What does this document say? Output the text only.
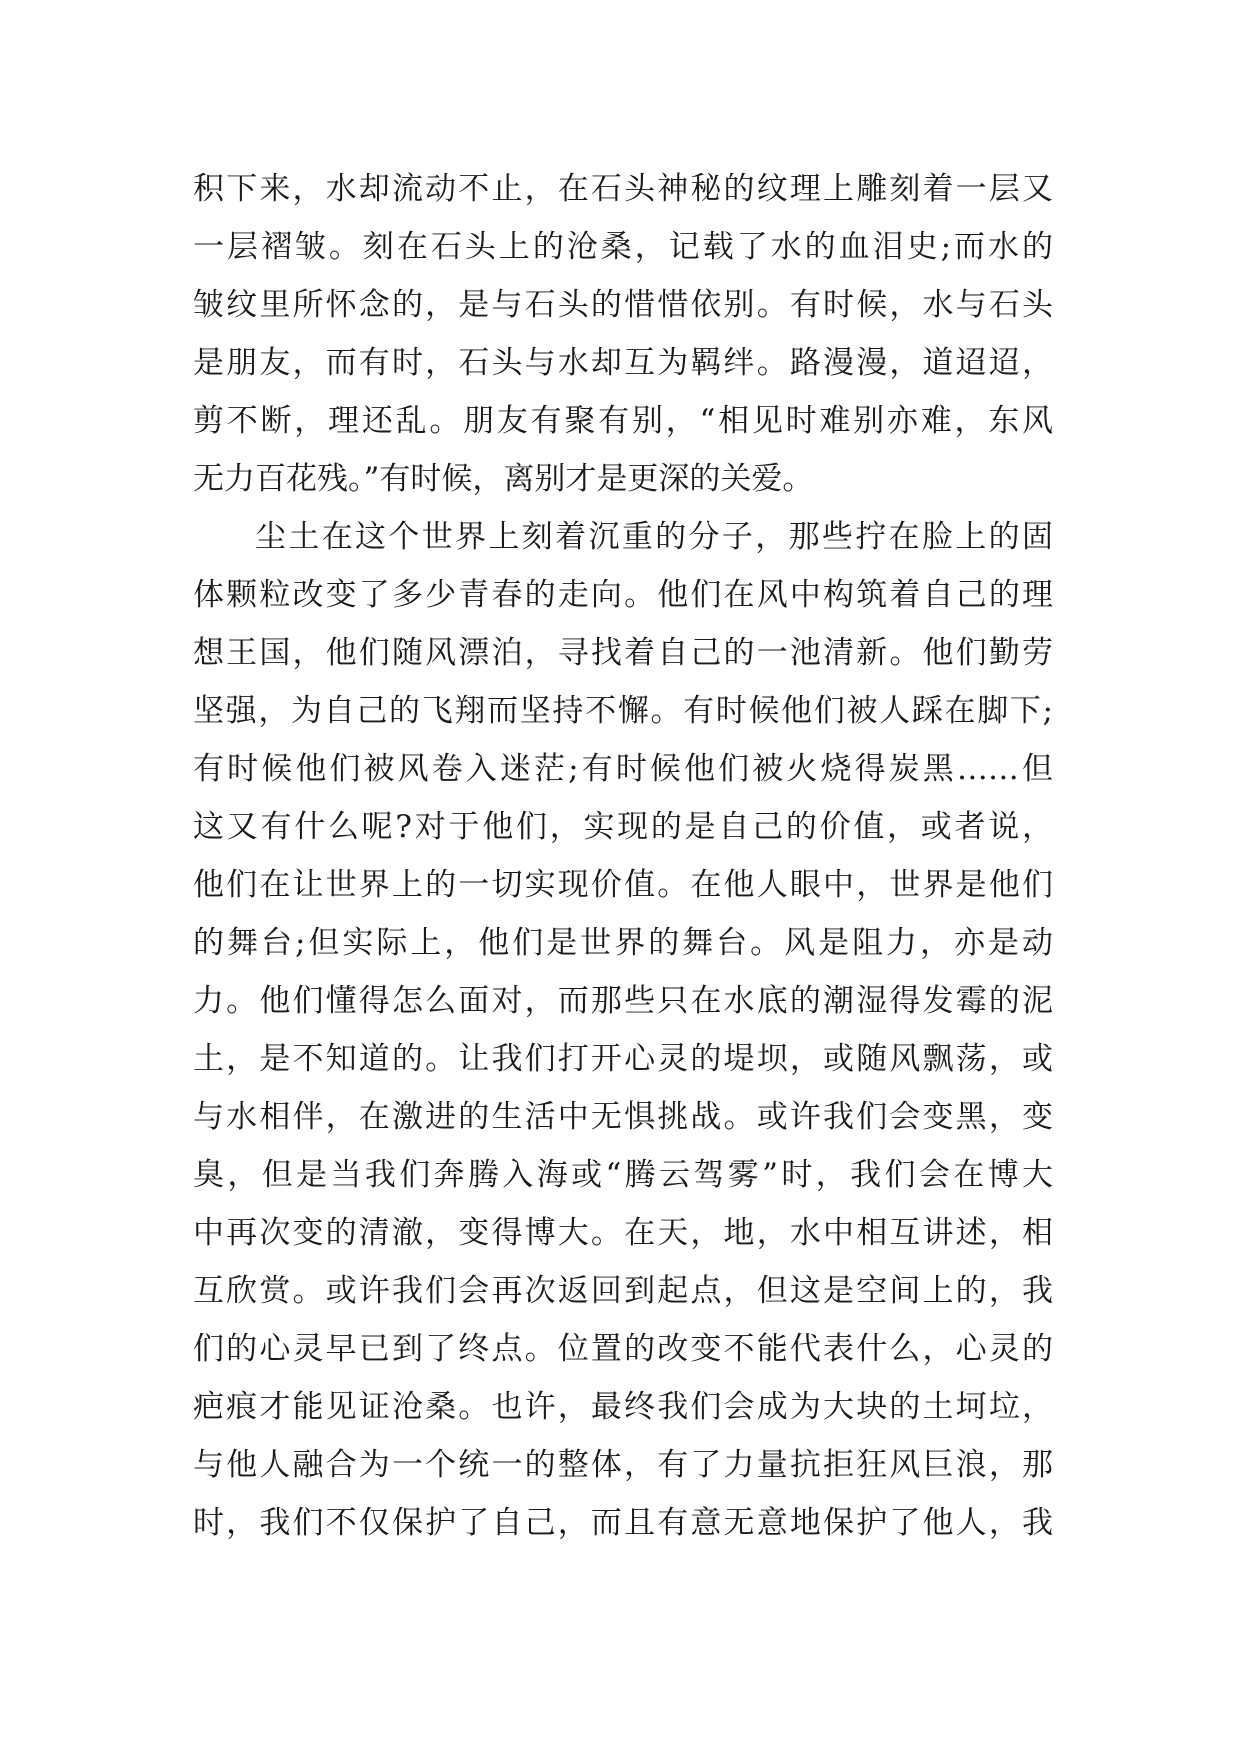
积下来，水却流动不止，在石头神秘的纹理上雕刻着一层又
一层褶皱。刻在石头上的沧桑，记载了水的血泪史;而水的
皱纹里所怀念的，是与石头的惜惜依别。有时候，水与石头
是朋友，而有时，石头与水却互为羁绊。路漫漫，道迢迢，
剪不断，理还乱。朋友有聚有别，“相见时难别亦难，东风
无力百花残。”有时候，离别才是更深的关爱。
尘土在这个世界上刻着沉重的分子，那些拧在脸上的固
体颗粒改变了多少青春的走向。他们在风中构筑着自己的理
想王国，他们随风漂泊，寻找着自己的一池清新。他们勤劳
坚强，为自己的飞翔而坚持不懈。有时候他们被人踩在脚下;
有时候他们被风卷入迷茫;有时候他们被火烧得炭黑……但
这又有什么呢?对于他们，实现的是自己的价值，或者说，
他们在让世界上的一切实现价值。在他人眼中，世界是他们
的舞台;但实际上，他们是世界的舞台。风是阻力，亦是动
力。他们懂得怎么面对，而那些只在水底的潮湿得发霉的泥
土，是不知道的。让我们打开心灵的堤坝，或随风飘荡，或
与水相伴，在激进的生活中无惧挑战。或许我们会变黑，变
臭，但是当我们奔腾入海或“腾云驾雾”时，我们会在博大
中再次变的清澈，变得博大。在天，地，水中相互讲述，相
互欣赏。或许我们会再次返回到起点，但这是空间上的，我
们的心灵早已到了终点。位置的改变不能代表什么，心灵的
疤痕才能见证沧桑。也许，最终我们会成为大块的土坷垃，
与他人融合为一个统一的整体，有了力量抗拒狂风巨浪，那
时，我们不仅保护了自己，而且有意无意地保护了他人，我
